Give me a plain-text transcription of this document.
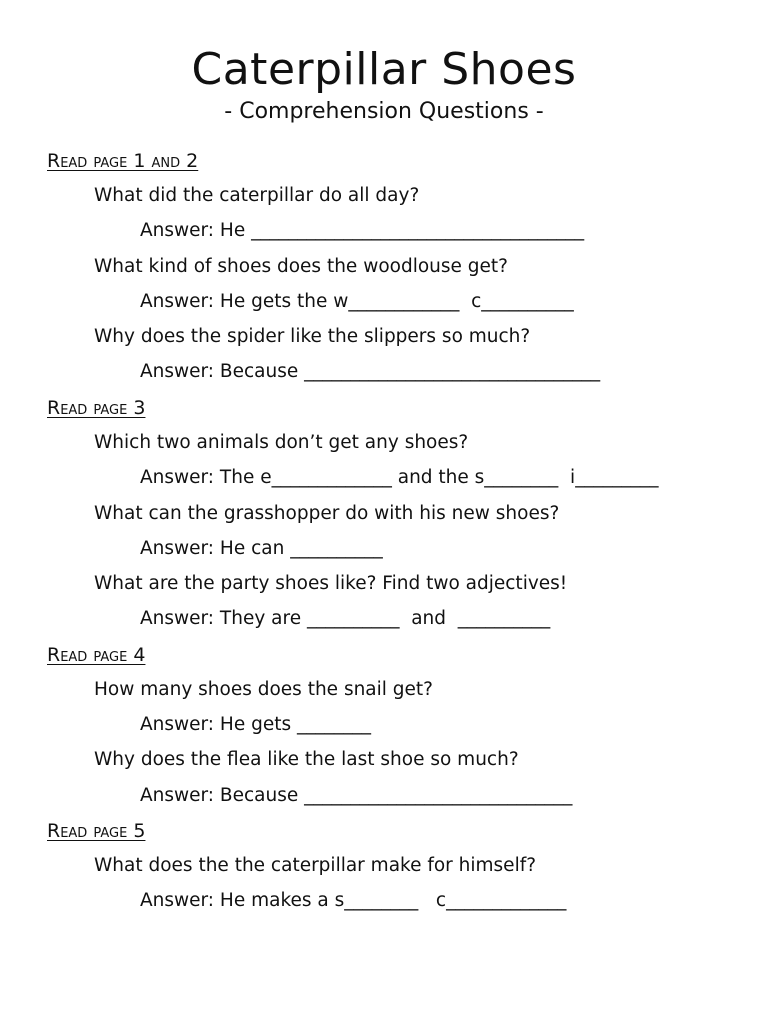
Caterpillar Shoes
- Comprehension Questions -
Read page 1 and 2
What did the caterpillar do all day?
Answer: He ____________________________________
What kind of shoes does the woodlouse get?
Answer: He gets the w____________  c__________
Why does the spider like the slippers so much?
Answer: Because ________________________________
Read page 3
Which two animals don’t get any shoes?
Answer: The e_____________ and the s________  i_________
What can the grasshopper do with his new shoes?
Answer: He can __________
What are the party shoes like? Find two adjectives!
Answer: They are __________  and  __________
Read page 4
How many shoes does the snail get?
Answer: He gets ________
Why does the flea like the last shoe so much?
Answer: Because _____________________________
Read page 5
What does the the caterpillar make for himself?
Answer: He makes a s________   c_____________
